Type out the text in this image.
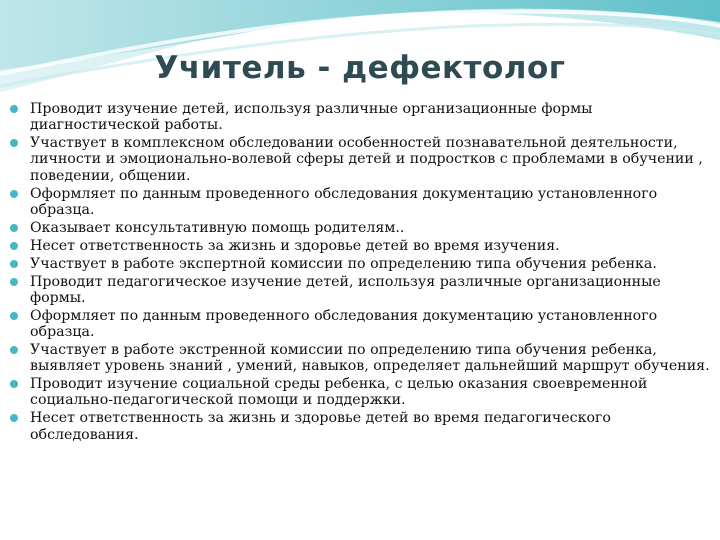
Учитель - дефектолог
Проводит изучение детей, используя различные организационные формы диагностической работы.
Участвует в комплексном обследовании особенностей познавательной деятельности, личности и эмоционально-волевой сферы детей и подростков с проблемами в обучении , поведении, общении.
Оформляет по данным проведенного обследования документацию установленного образца.
Оказывает консультативную помощь родителям..
Несет ответственность за жизнь и здоровье детей во время изучения.
Участвует в работе экспертной комиссии по определению типа обучения ребенка.
Проводит педагогическое изучение детей, используя различные организационные формы.
Оформляет по данным проведенного обследования документацию установленного образца.
Участвует в работе экстренной комиссии по определению типа обучения ребенка, выявляет уровень знаний , умений, навыков, определяет дальнейший маршрут обучения.
Проводит изучение социальной среды ребенка, с целью оказания своевременной социально-педагогической помощи и поддержки.
Несет ответственность за жизнь и здоровье детей во время педагогического обследования.
